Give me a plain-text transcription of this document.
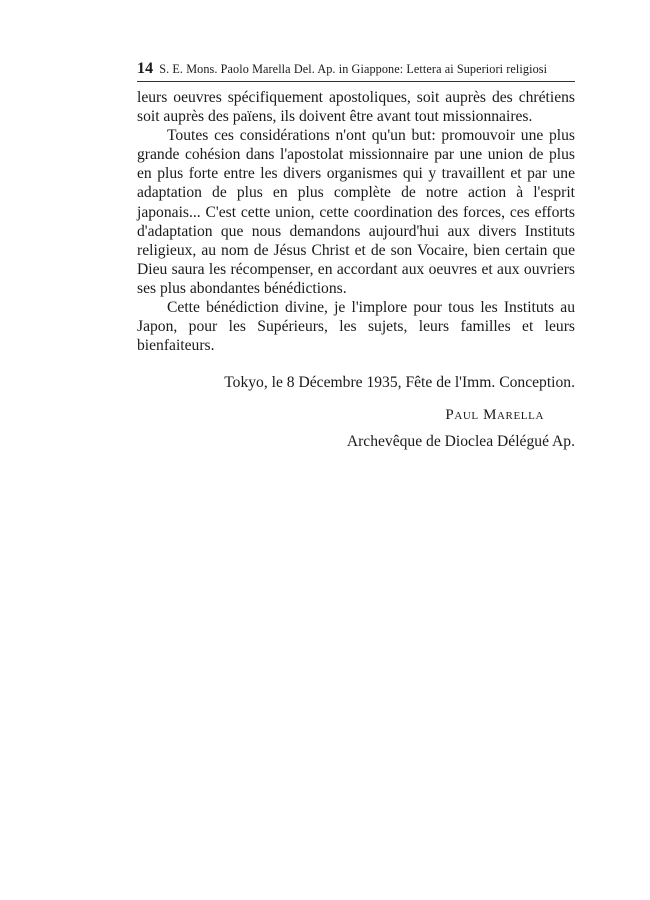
14 S. E. Mons. Paolo Marella Del. Ap. in Giappone: Lettera ai Superiori religiosi

leurs oeuvres spécifiquement apostoliques, soit auprès des chrétiens soit auprès des païens, ils doivent être avant tout missionnaires.

Toutes ces considérations n'ont qu'un but: promouvoir une plus grande cohésion dans l'apostolat missionnaire par une union de plus en plus forte entre les divers organismes qui y travaillent et par une adaptation de plus en plus complète de notre action à l'esprit japonais... C'est cette union, cette coordination des forces, ces efforts d'adaptation que nous demandons aujourd'hui aux divers Instituts religieux, au nom de Jésus Christ et de son Vocaire, bien certain que Dieu saura les récompenser, en accordant aux oeuvres et aux ouvriers ses plus abondantes bénédictions.

Cette bénédiction divine, je l'implore pour tous les Instituts au Japon, pour les Supérieurs, les sujets, leurs familles et leurs bienfaiteurs.

Tokyo, le 8 Décembre 1935, Fête de l'Imm. Conception.
Paul Marella
Archevêque de Dioclea Délégué Ap.
